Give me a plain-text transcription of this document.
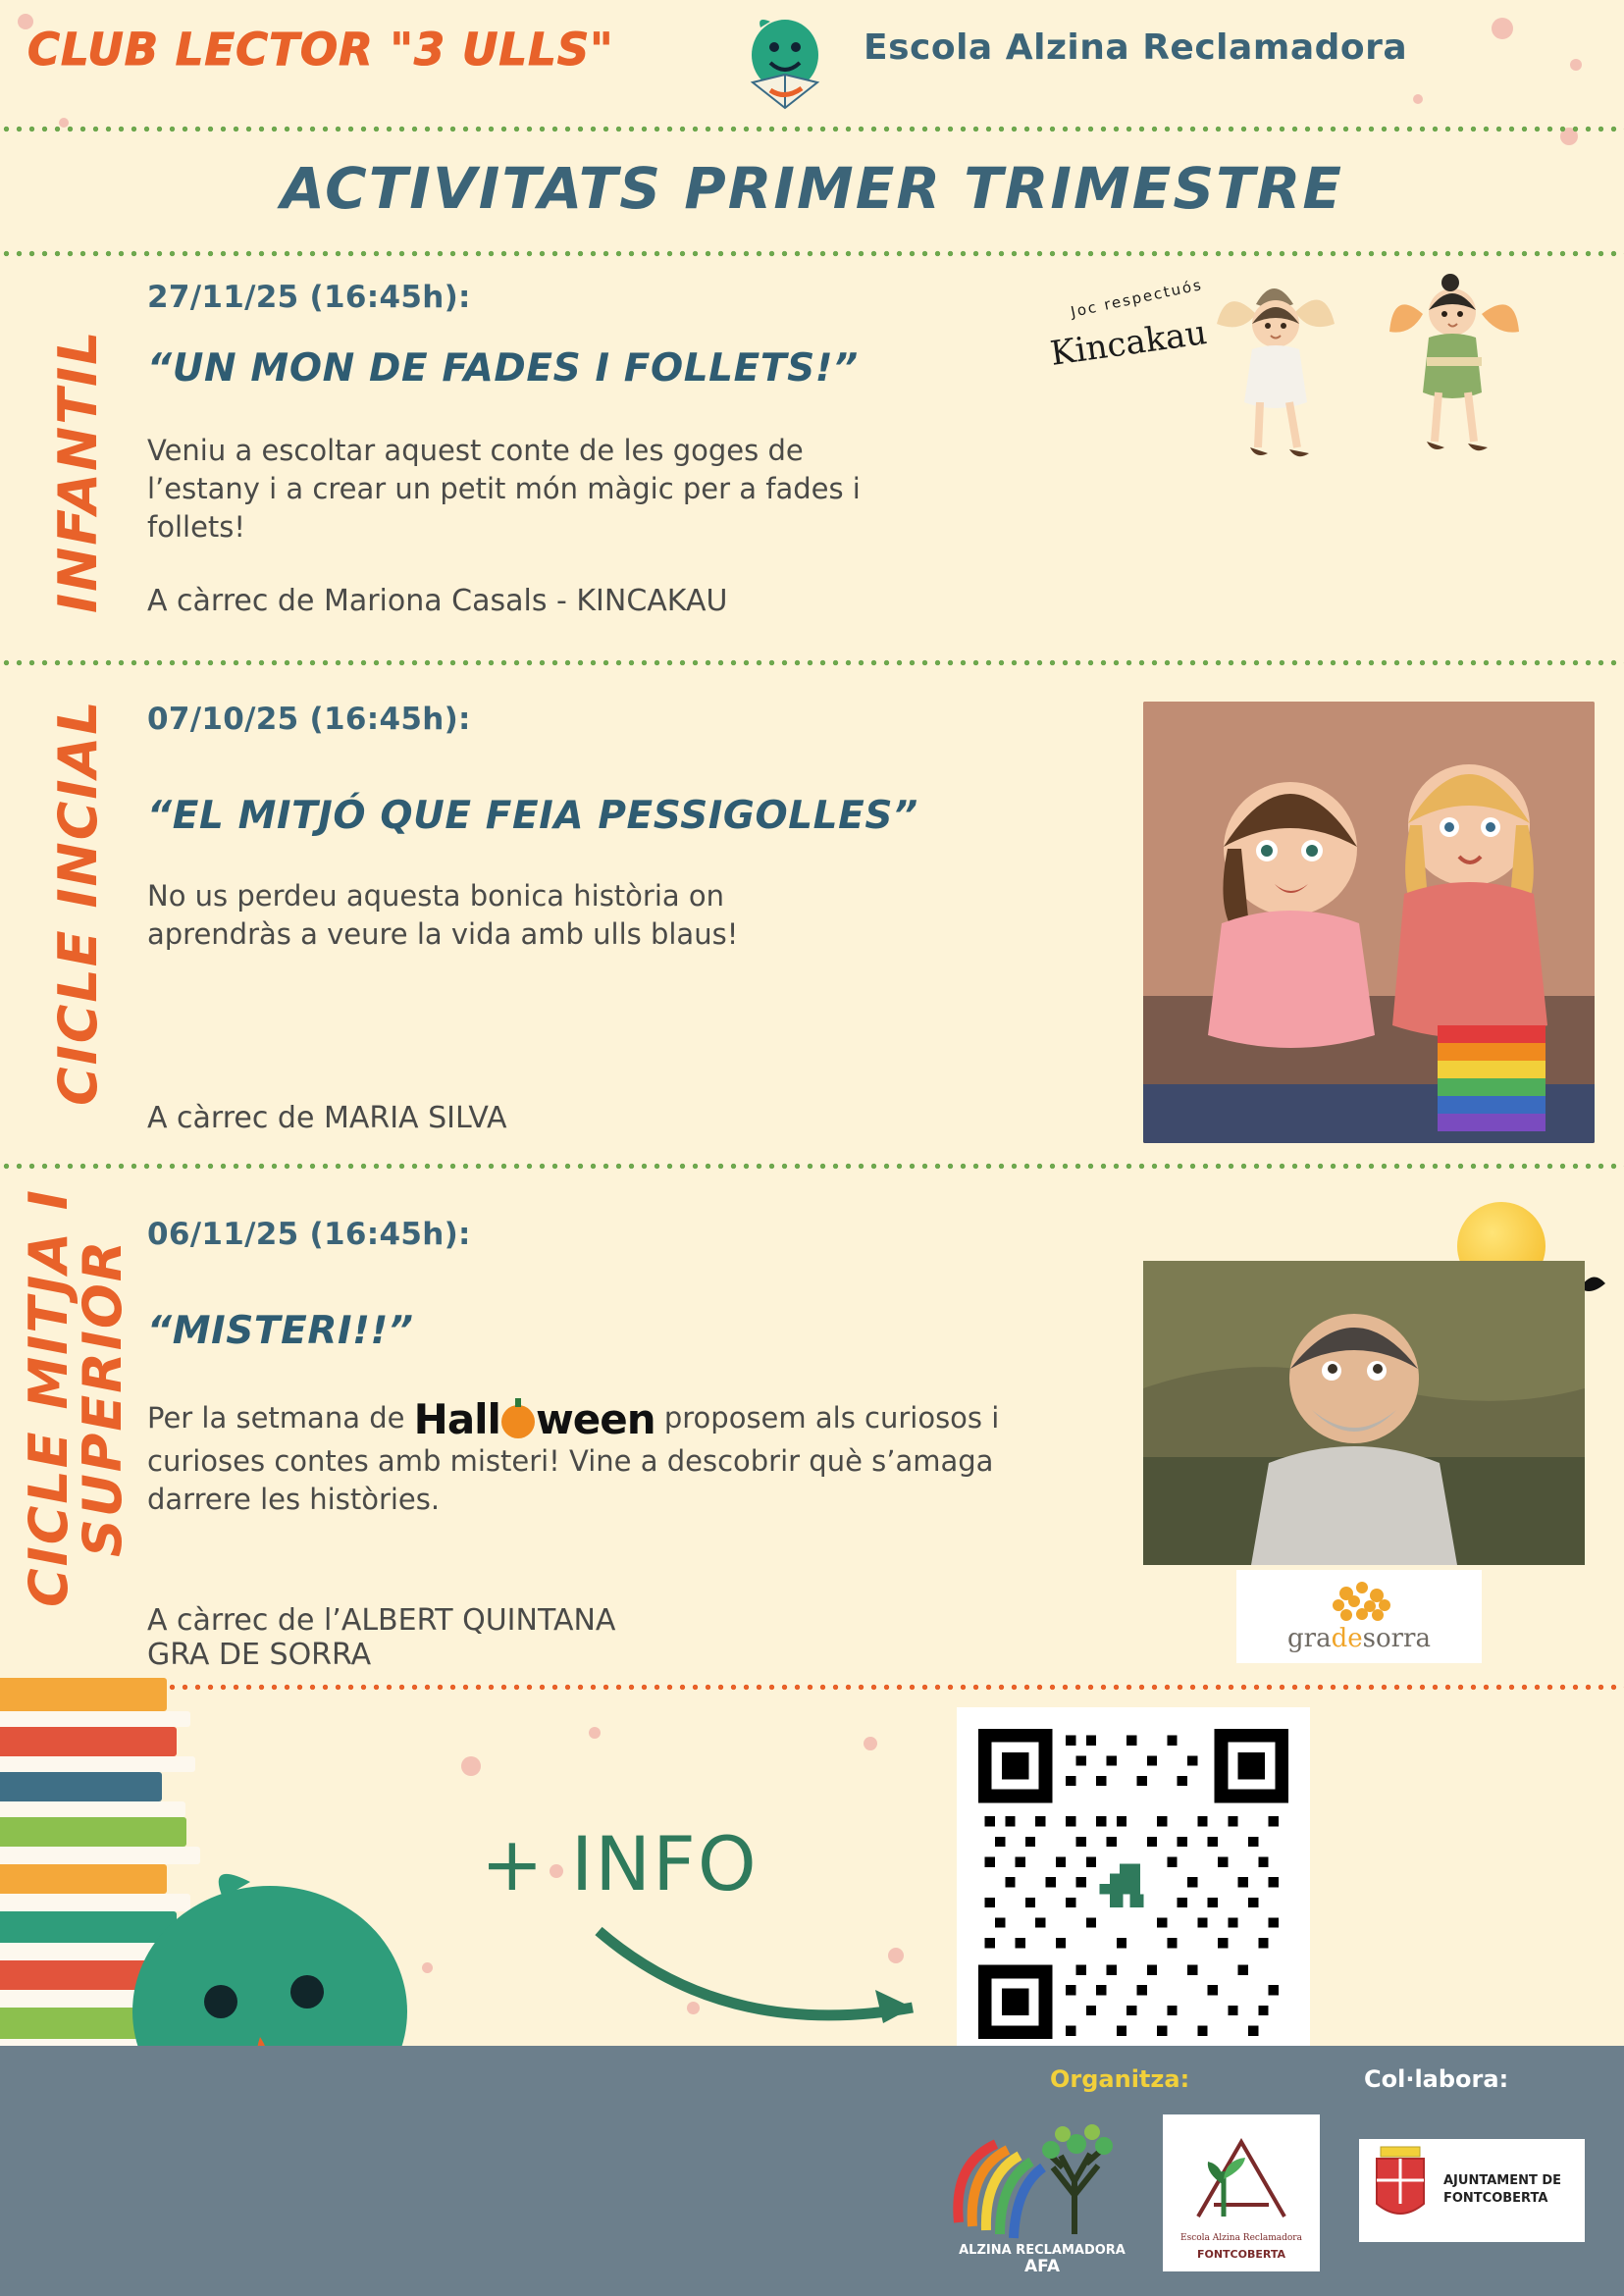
CLUB LECTOR "3 ULLS"	Escola Alzina Reclamadora
ACTIVITATS PRIMER TRIMESTRE
INFANTIL
27/11/25 (16:45h):
“UN MON DE FADES I FOLLETS!”
Veniu a escoltar aquest conte de les goges de l’estany i a crear un petit món màgic per a fades i follets!
A càrrec de Mariona Casals - KINCAKAU
Joc respectuós
Kincakau
CICLE INCIAL 07/10/25 (16:45h):
“EL MITJÓ QUE FEIA PESSIGOLLES”
No us perdeu aquesta bonica història on aprendràs a veure la vida amb ulls blaus!
A càrrec de MARIA SILVA
CICLE MITJA I SUPERIOR
06/11/25 (16:45h):
“MISTERI!!”
Per la setmana de Hall ween proposem als curiosos i curioses contes amb misteri! Vine a descobrir què s’amaga darrere les històries.
A càrrec de l’ALBERT QUINTANA
GRA DE SORRA	gradesorra
+ INFO
Organitza:	Col·labora:
ALZINA RECLAMADORA
AFA
Escola Alzina Reclamadora
FONTCOBERTA
AJUNTAMENT DE
FONTCOBERTA
